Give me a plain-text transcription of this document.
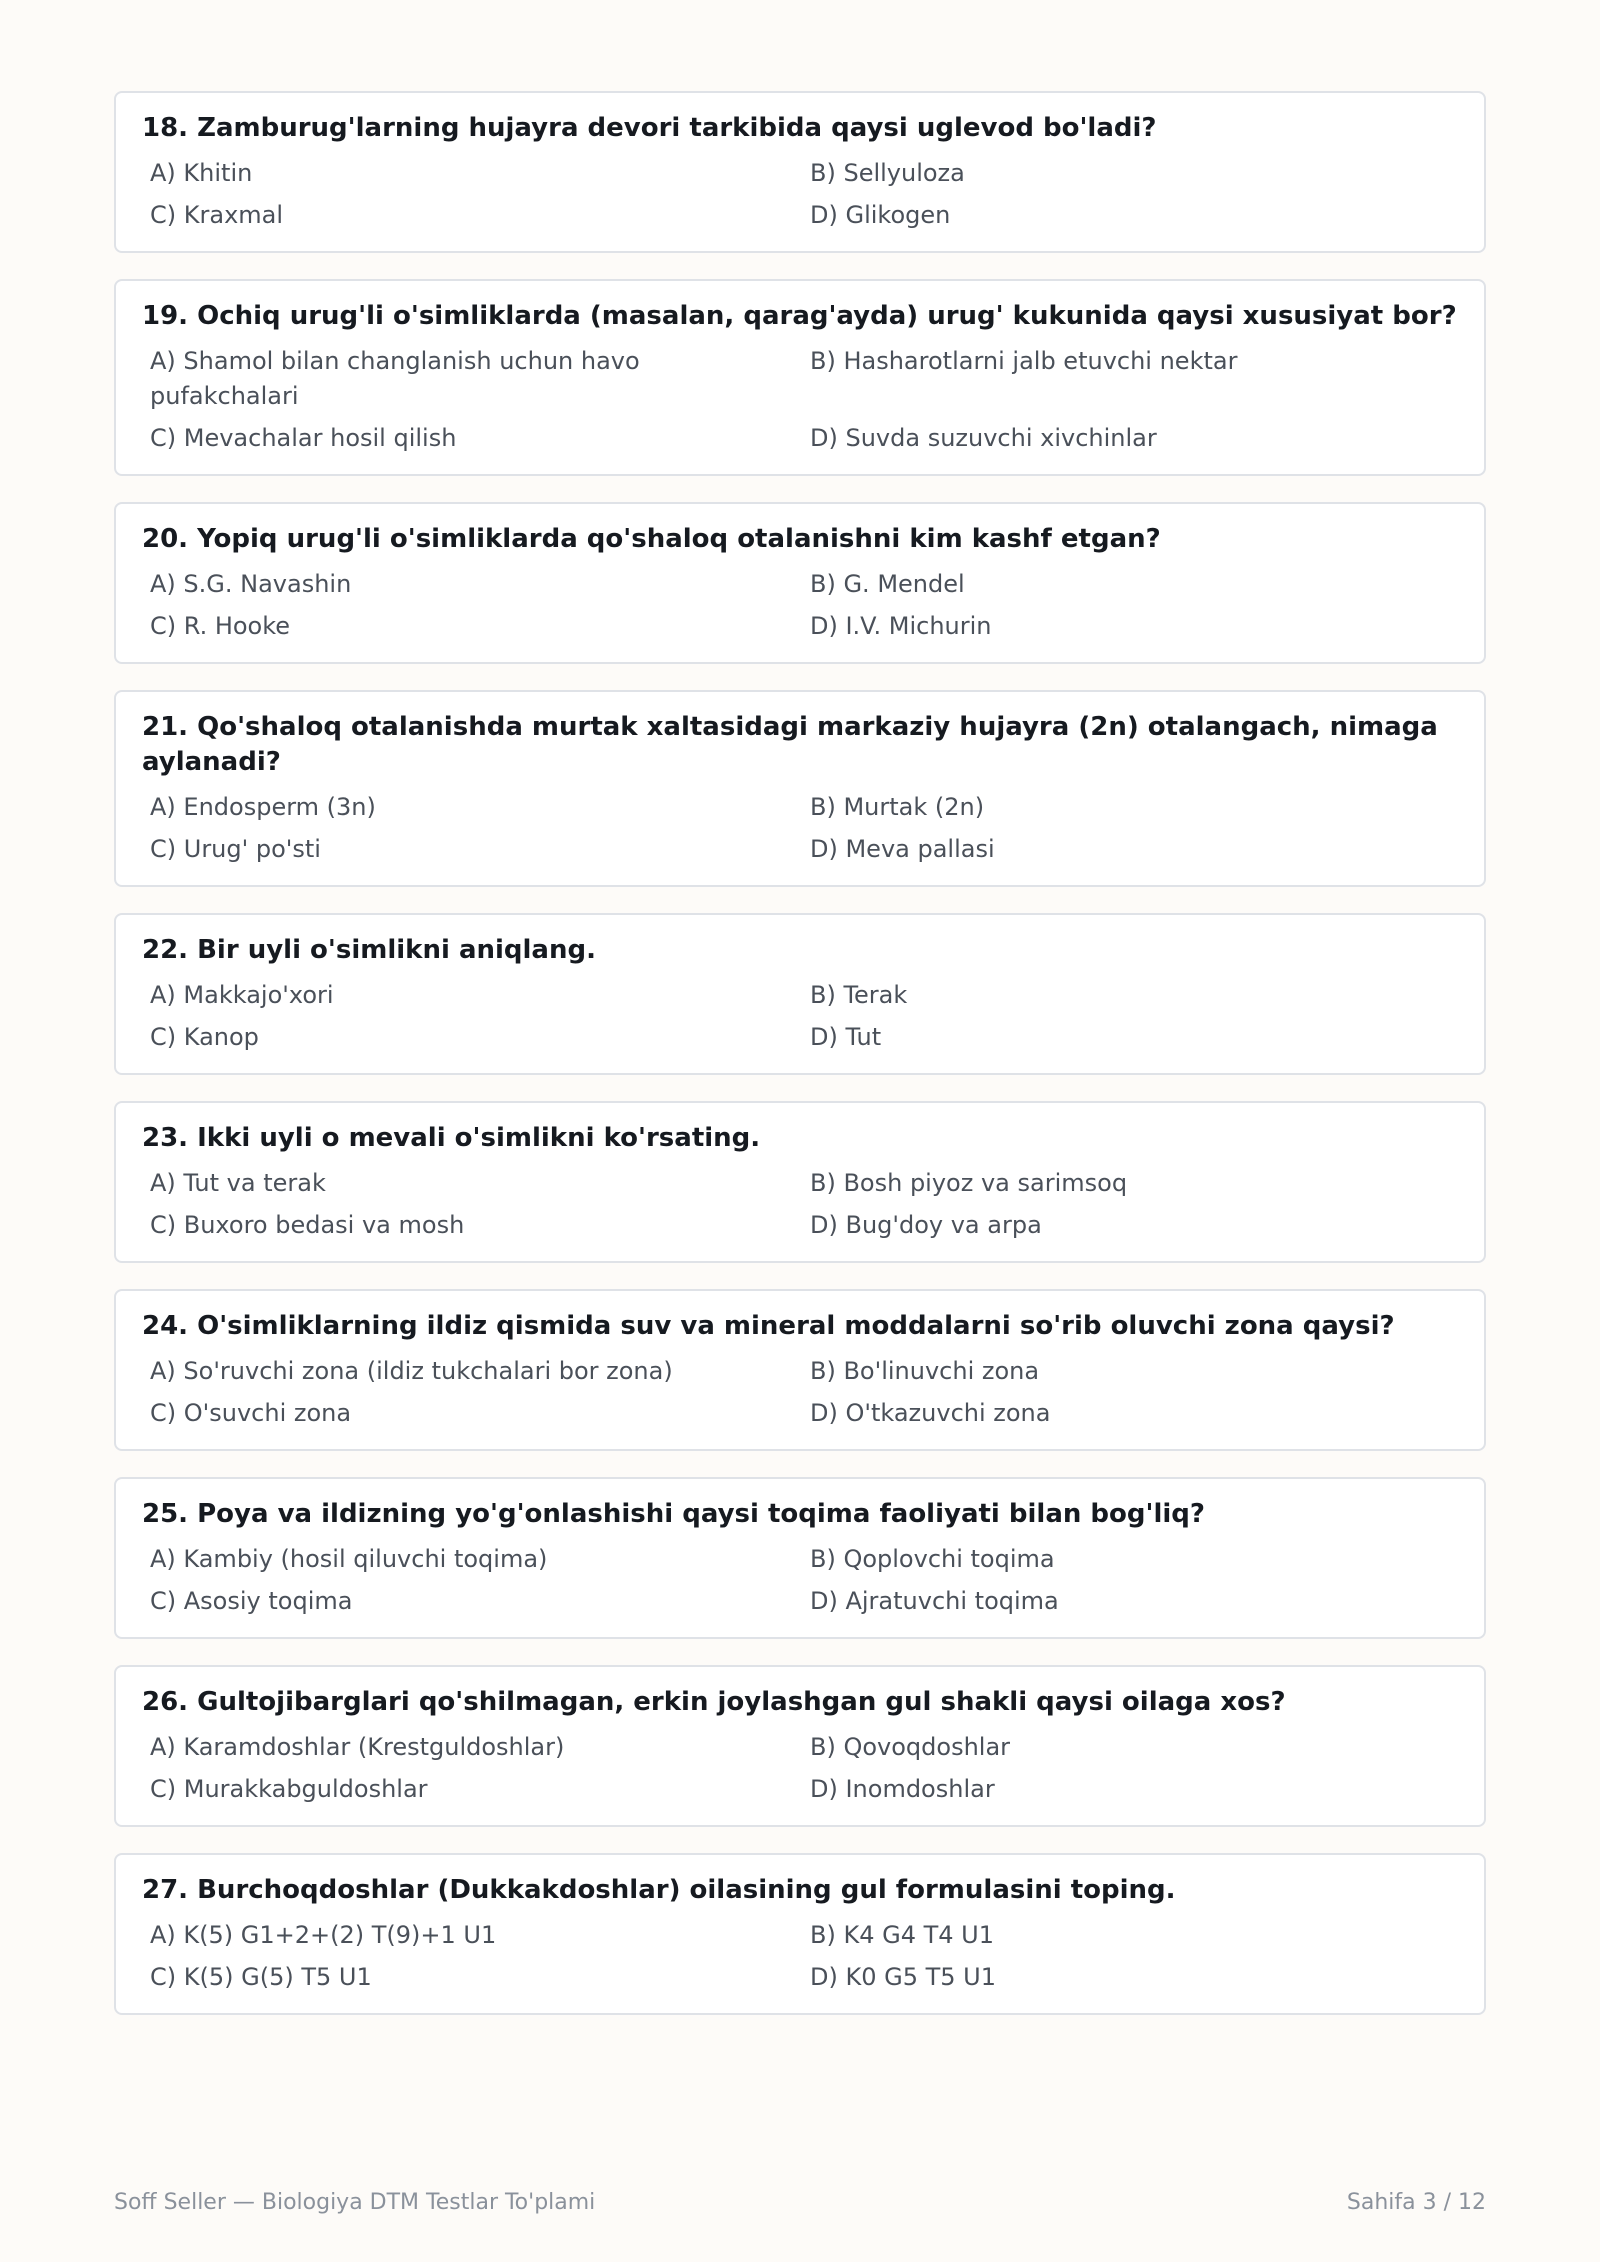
18. Zamburug'larning hujayra devori tarkibida qaysi uglevod bo'ladi?
A) Khitin	B) Sellyuloza
C) Kraxmal	D) Glikogen
19. Ochiq urug'li o'simliklarda (masalan, qarag'ayda) urug' kukunida qaysi xususiyat bor?
A) Shamol bilan changlanish uchun havo pufakchalari
B) Hasharotlarni jalb etuvchi nektar
C) Mevachalar hosil qilish	D) Suvda suzuvchi xivchinlar
20. Yopiq urug'li o'simliklarda qo'shaloq otalanishni kim kashf etgan?
A) S.G. Navashin	B) G. Mendel
C) R. Hooke	D) I.V. Michurin
21. Qo'shaloq otalanishda murtak xaltasidagi markaziy hujayra (2n) otalangach, nimaga aylanadi?
A) Endosperm (3n)	B) Murtak (2n)
C) Urug' po'sti	D) Meva pallasi
22. Bir uyli o'simlikni aniqlang.
A) Makkajo'xori	B) Terak
C) Kanop	D) Tut
23. Ikki uyli o mevali o'simlikni ko'rsating.
A) Tut va terak	B) Bosh piyoz va sarimsoq
C) Buxoro bedasi va mosh	D) Bug'doy va arpa
24. O'simliklarning ildiz qismida suv va mineral moddalarni so'rib oluvchi zona qaysi?
A) So'ruvchi zona (ildiz tukchalari bor zona)	B) Bo'linuvchi zona
C) O'suvchi zona	D) O'tkazuvchi zona
25. Poya va ildizning yo'g'onlashishi qaysi toqima faoliyati bilan bog'liq?
A) Kambiy (hosil qiluvchi toqima)	B) Qoplovchi toqima
C) Asosiy toqima	D) Ajratuvchi toqima
26. Gultojibarglari qo'shilmagan, erkin joylashgan gul shakli qaysi oilaga xos?
A) Karamdoshlar (Krestguldoshlar)	B) Qovoqdoshlar
C) Murakkabguldoshlar	D) Inomdoshlar
27. Burchoqdoshlar (Dukkakdoshlar) oilasining gul formulasini toping.
A) K(5) G1+2+(2) T(9)+1 U1	B) K4 G4 T4 U1
C) K(5) G(5) T5 U1	D) K0 G5 T5 U1
Soff Seller — Biologiya DTM Testlar To'plami	Sahifa 3 / 12
